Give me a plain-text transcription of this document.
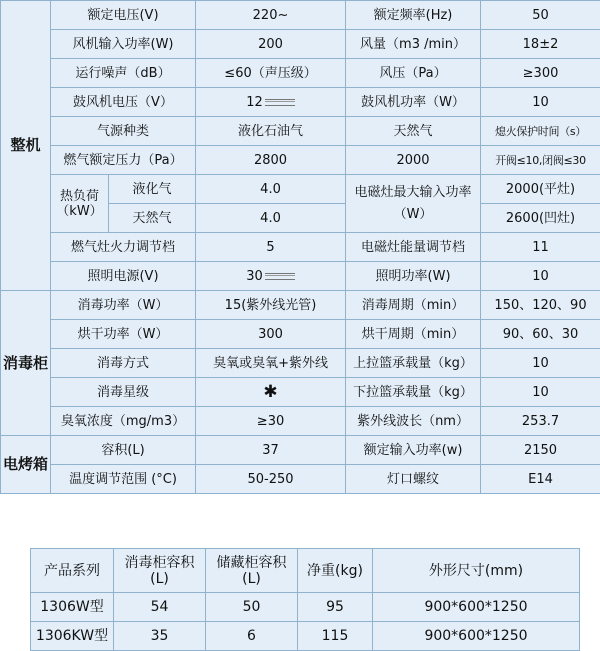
整机	额定电压(V)		220~	额定频率(Hz)	50
	风机输入功率(W)		200	风量（m3 /min）	18±2
	运行噪声（dB）		≤60（声压级）	风压（Pa）	≥300
	鼓风机电压（V）		12	鼓风机功率（W）	10
	气源种类		液化石油气	天然气	熄火保护时间（s）
	燃气额定压力（Pa）		2800	2000	开阀≤10,闭阀≤30
	热负荷（kW）	液化气	4.0	电磁灶最大输入功率（W）	2000(平灶)
		天然气	4.0		2600(凹灶)
	燃气灶火力调节档		5	电磁灶能量调节档	11
	照明电源(V)		30	照明功率(W)	10
消毒柜	消毒功率（W）		15(紫外线光管)	消毒周期（min）	150、120、90
	烘干功率（W）		300	烘干周期（min）	90、60、30
	消毒方式		臭氧或臭氧+紫外线	上拉篮承载量（kg）	10
	消毒星级		✱	下拉篮承载量（kg）	10
	臭氧浓度（mg/m3）		≥30	紫外线波长（nm）	253.7
电烤箱	容积(L)		37	额定输入功率(w)	2150
	温度调节范围 (°C)		50-250	灯口螺纹	E14
产品系列	消毒柜容积(L)	储藏柜容积(L)	净重(kg)	外形尺寸(mm)
1306W型	54	50	95	900*600*1250
1306KW型	35	6	115	900*600*1250
